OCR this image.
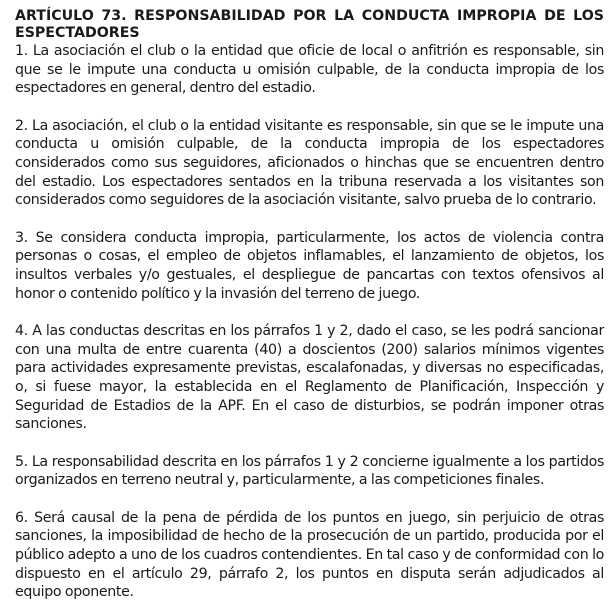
ARTÍCULO 73. RESPONSABILIDAD POR LA CONDUCTA IMPROPIA DE LOS ESPECTADORES

1. La asociación el club o la entidad que oficie de local o anfitrión es responsable, sin que se le impute una conducta u omisión culpable, de la conducta impropia de los espectadores en general, dentro del estadio.

2. La asociación, el club o la entidad visitante es responsable, sin que se le impute una conducta u omisión culpable, de la conducta impropia de los espectadores considerados como sus seguidores, aficionados o hinchas que se encuentren dentro del estadio. Los espectadores sentados en la tribuna reservada a los visitantes son considerados como seguidores de la asociación visitante, salvo prueba de lo contrario.

3. Se considera conducta impropia, particularmente, los actos de violencia contra personas o cosas, el empleo de objetos inflamables, el lanzamiento de objetos, los insultos verbales y/o gestuales, el despliegue de pancartas con textos ofensivos al honor o contenido político y la invasión del terreno de juego.

4. A las conductas descritas en los párrafos 1 y 2, dado el caso, se les podrá sancionar con una multa de entre cuarenta (40) a doscientos (200) salarios mínimos vigentes para actividades expresamente previstas, escalafonadas, y diversas no especificadas, o, si fuese mayor, la establecida en el Reglamento de Planificación, Inspección y Seguridad de Estadios de la APF. En el caso de disturbios, se podrán imponer otras sanciones.

5. La responsabilidad descrita en los párrafos 1 y 2 concierne igualmente a los partidos organizados en terreno neutral y, particularmente, a las competiciones finales.

6. Será causal de la pena de pérdida de los puntos en juego, sin perjuicio de otras sanciones, la imposibilidad de hecho de la prosecución de un partido, producida por el público adepto a uno de los cuadros contendientes. En tal caso y de conformidad con lo dispuesto en el artículo 29, párrafo 2, los puntos en disputa serán adjudicados al equipo oponente.
